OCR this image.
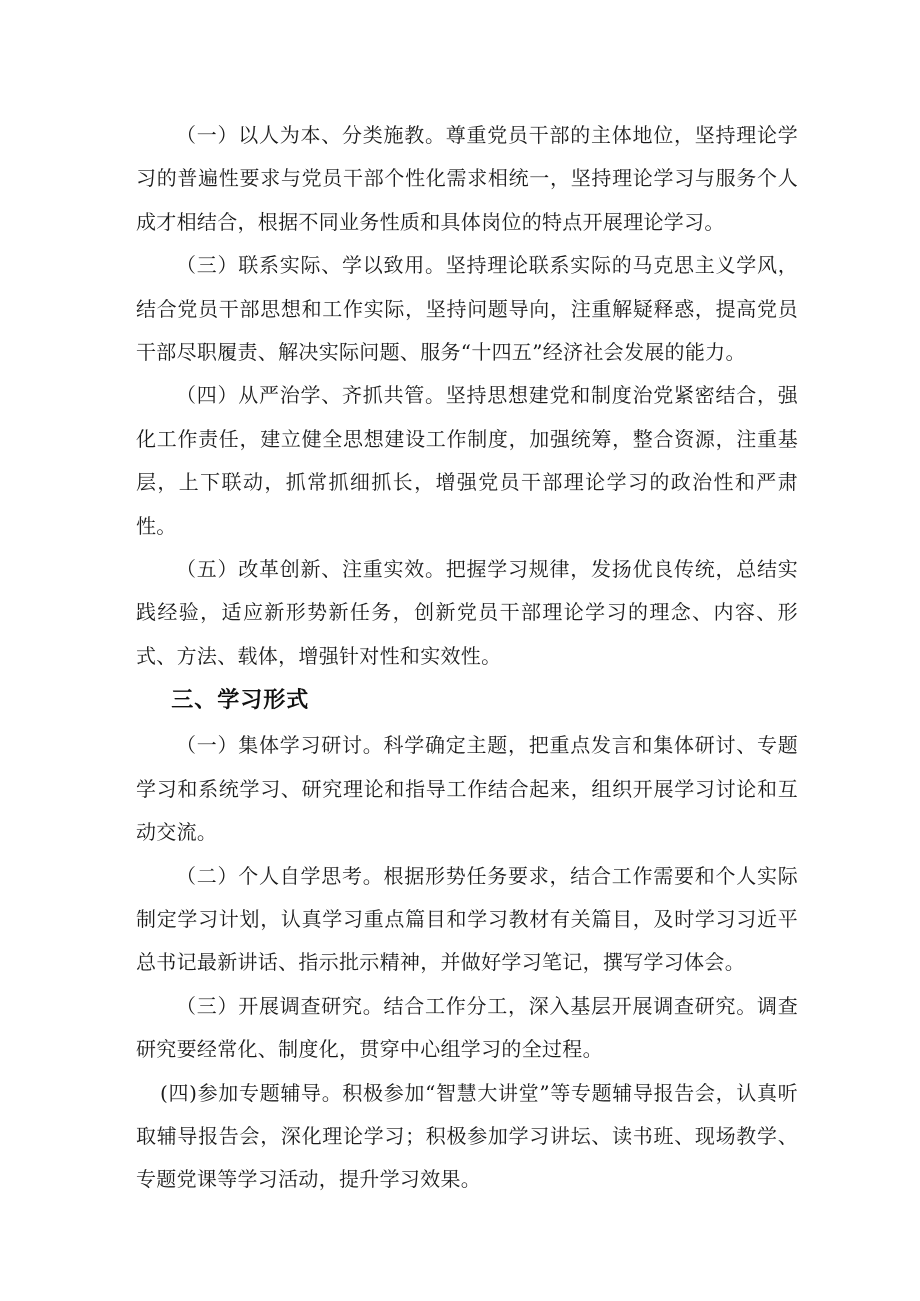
（一）以人为本、分类施教。尊重党员干部的主体地位，坚持理论学习的普遍性要求与党员干部个性化需求相统一，坚持理论学习与服务个人成才相结合，根据不同业务性质和具体岗位的特点开展理论学习。

（三）联系实际、学以致用。坚持理论联系实际的马克思主义学风，结合党员干部思想和工作实际，坚持问题导向，注重解疑释惑，提高党员干部尽职履责、解决实际问题、服务“十四五”经济社会发展的能力。

（四）从严治学、齐抓共管。坚持思想建党和制度治党紧密结合，强化工作责任，建立健全思想建设工作制度，加强统筹，整合资源，注重基层，上下联动，抓常抓细抓长，增强党员干部理论学习的政治性和严肃性。

（五）改革创新、注重实效。把握学习规律，发扬优良传统，总结实践经验，适应新形势新任务，创新党员干部理论学习的理念、内容、形式、方法、载体，增强针对性和实效性。

三、学习形式

（一）集体学习研讨。科学确定主题，把重点发言和集体研讨、专题学习和系统学习、研究理论和指导工作结合起来，组织开展学习讨论和互动交流。

（二）个人自学思考。根据形势任务要求，结合工作需要和个人实际制定学习计划，认真学习重点篇目和学习教材有关篇目，及时学习习近平总书记最新讲话、指示批示精神，并做好学习笔记，撰写学习体会。

（三）开展调查研究。结合工作分工，深入基层开展调查研究。调查研究要经常化、制度化，贯穿中心组学习的全过程。

(四)参加专题辅导。积极参加“智慧大讲堂”等专题辅导报告会，认真听取辅导报告会，深化理论学习；积极参加学习讲坛、读书班、现场教学、专题党课等学习活动，提升学习效果。
